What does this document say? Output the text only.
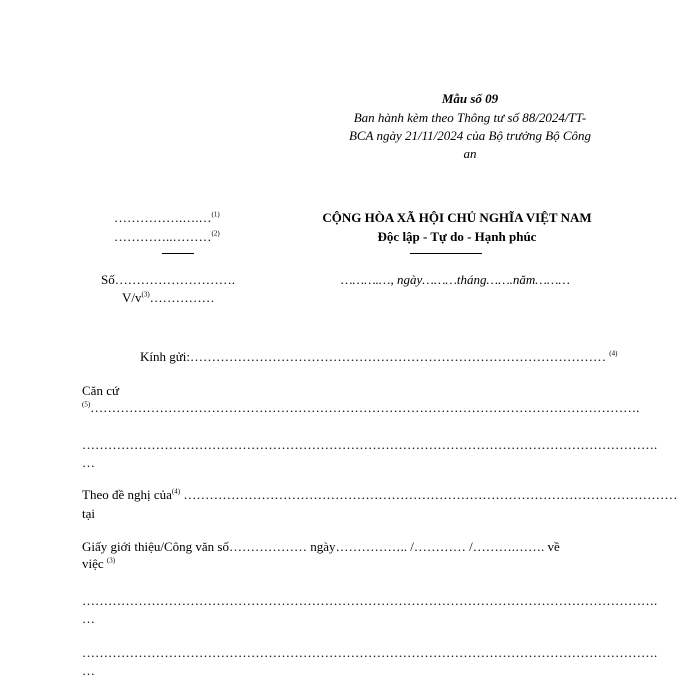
Mẫu số 09
Ban hành kèm theo Thông tư số 88/2024/TT-
BCA ngày 21/11/2024 của Bộ trưởng Bộ Công
an
…………….….…$^{(1)}$
…………..………$^{(2)}$
CỘNG HÒA XÃ HỘI CHỦ NGHĨA VIỆT NAM
Độc lập - Tự do - Hạnh phúc
Số……………………….
$V/v^{(3)}\dots\dots\dots\dots\dots$
……….…, ngày………tháng…….năm………
Kính gửi:…………………………………………………………………………………… $^{(4)}$
Căn cứ
$^{(5)}$……………………………………………………………………………………………………………….
…………………………………………………………………………………………………………………….
…
Theo đề nghị của$^{(4)}$ ……………………………………………………………………………………………………
tại
Giấy giới thiệu/Công văn số……………… ngày…………….. /………… /……….……. về
việc $^{(3)}$
…………………………………………………………………………………………………………………….
…
…………………………………………………………………………………………………………………….
…
